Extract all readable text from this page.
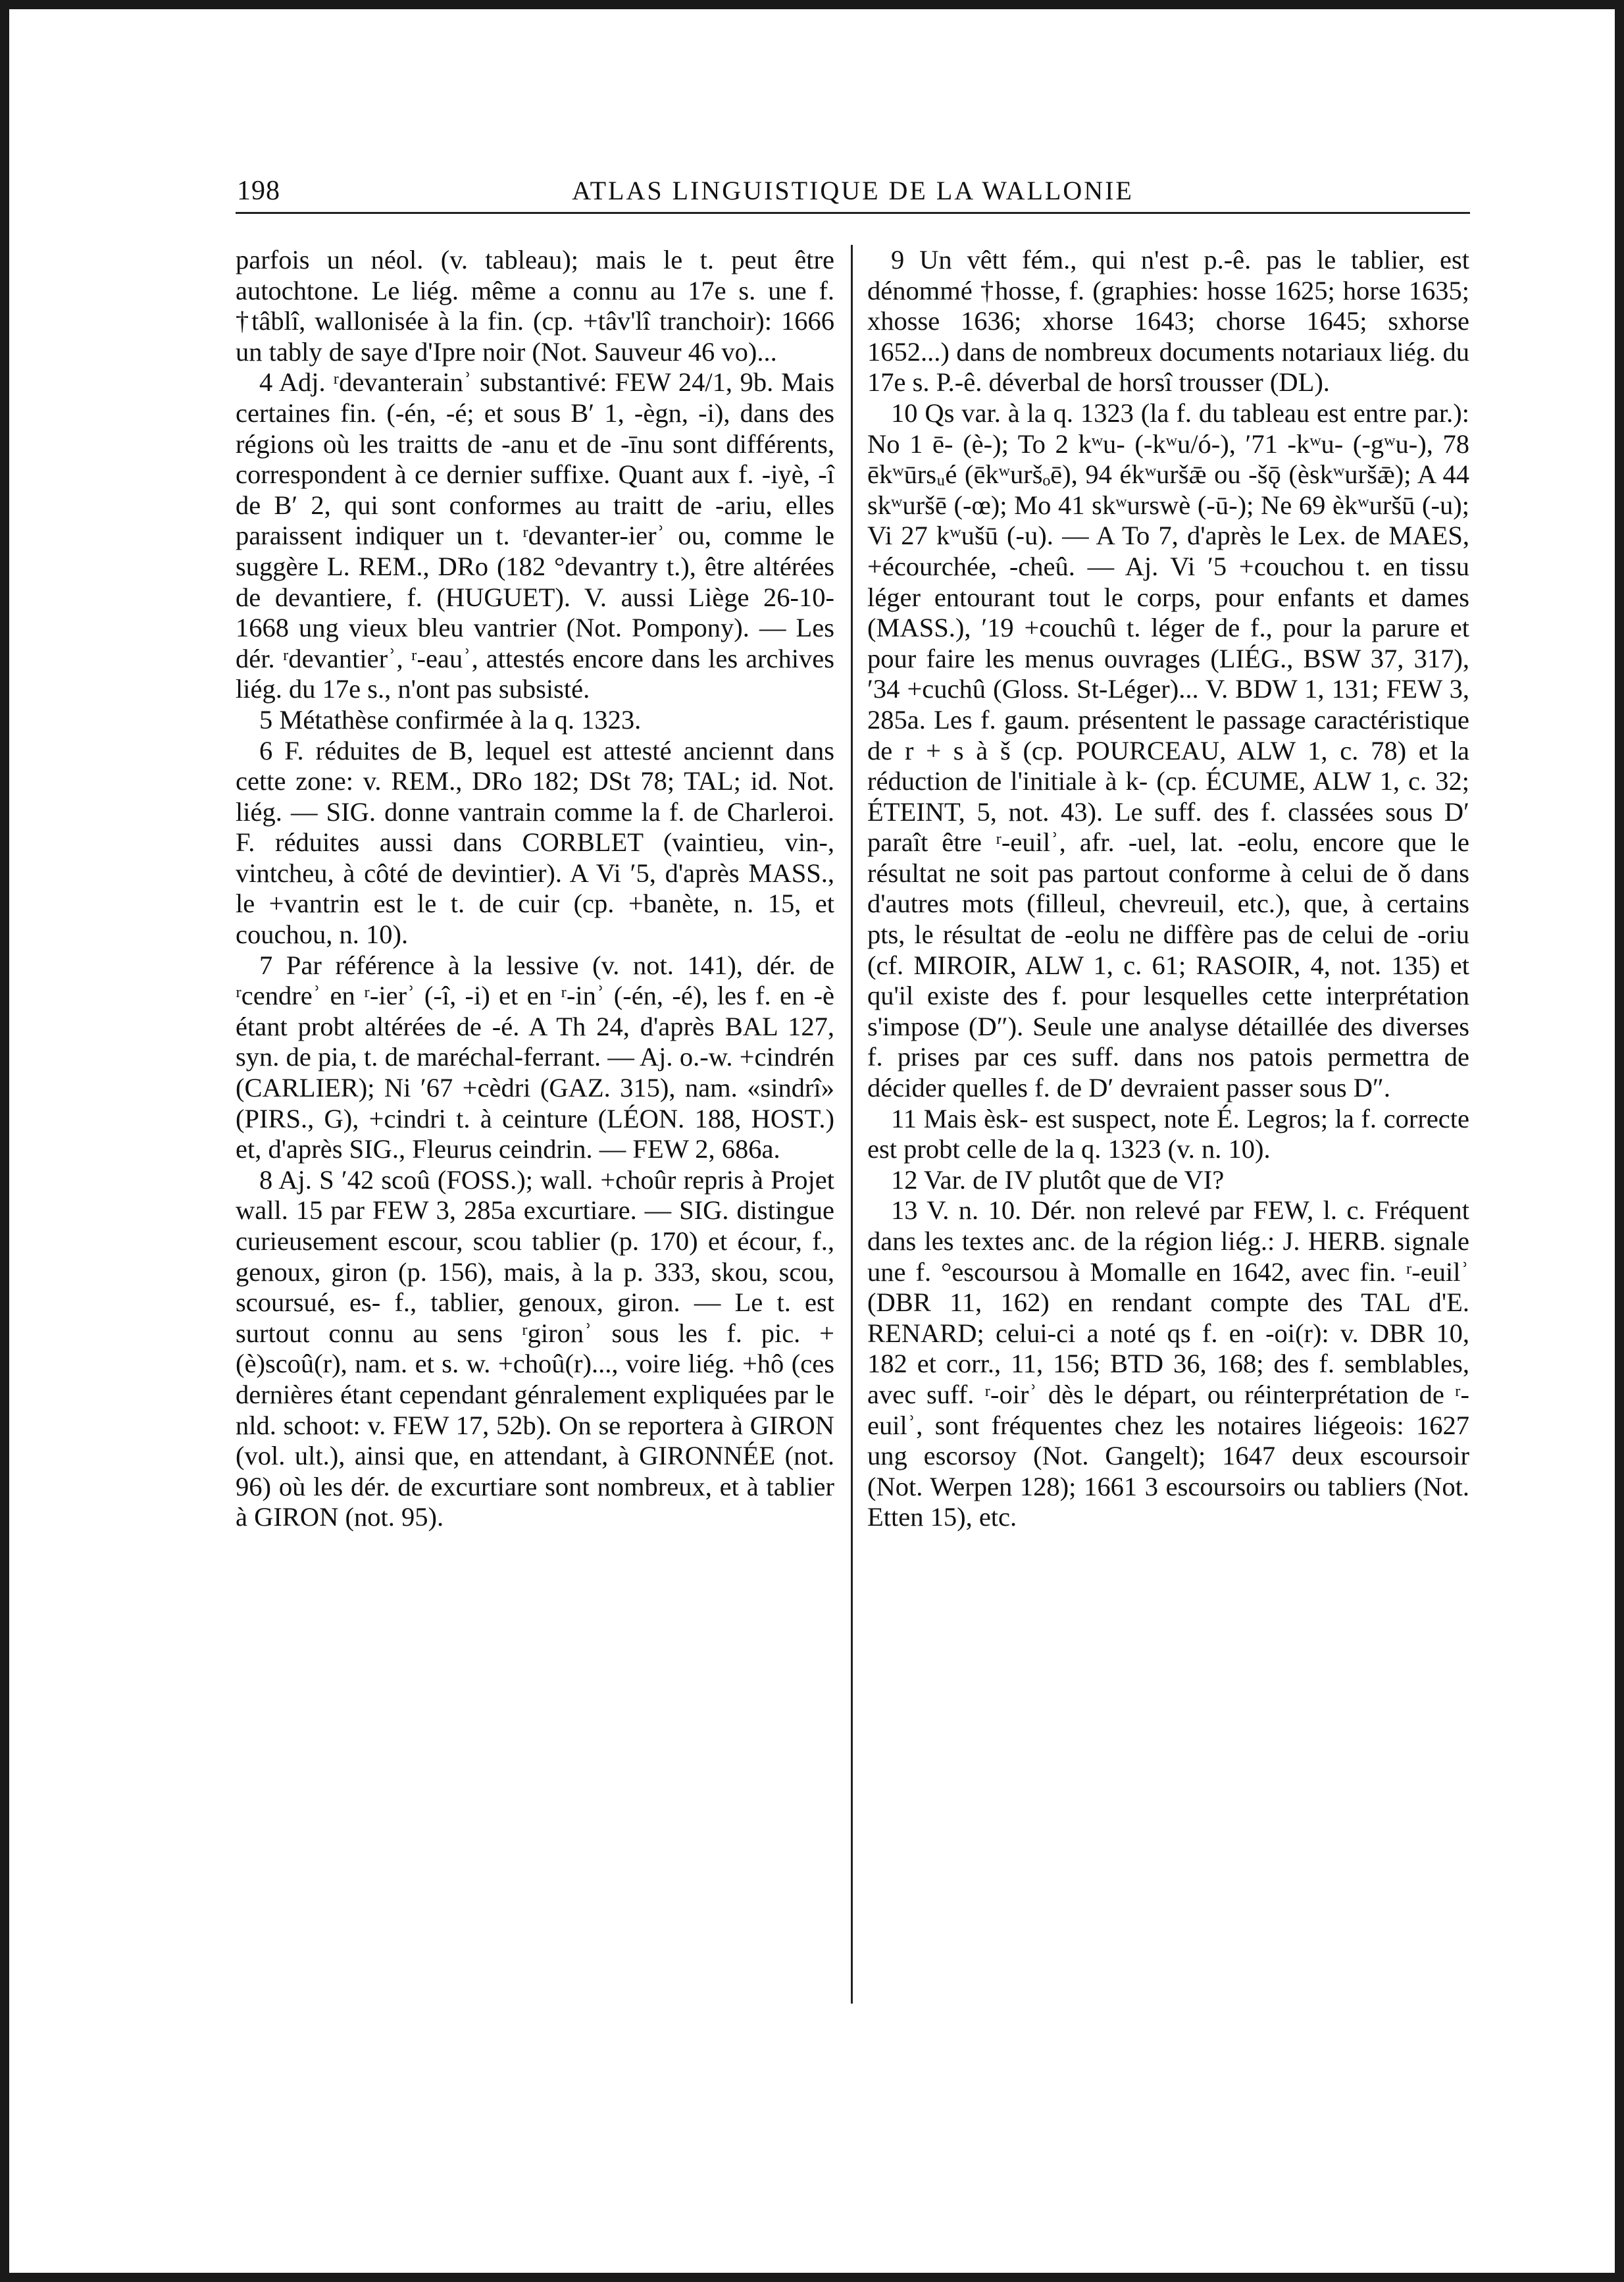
198	ATLAS LINGUISTIQUE DE LA WALLONIE

parfois un néol. (v. tableau); mais le t. peut être autochtone. Le liég. même a connu au 17e s. une f. †tâblî, wallonisée à la fin. (cp. +tâv'lî tranchoir): 1666 un tably de saye d'Ipre noir (Not. Sauveur 46 vo)...

4 Adj. ʳdevanterainʾ substantivé: FEW 24/1, 9b. Mais certaines fin. (-én, -é; et sous B′ 1, -ègn, -i), dans des régions où les traitts de -anu et de -īnu sont différents, correspondent à ce dernier suffixe. Quant aux f. -iyè, -î de B′ 2, qui sont conformes au traitt de -ariu, elles paraissent indiquer un t. ʳdevanter-ierʾ ou, comme le suggère L. REM., DRo (182 °devantry t.), être altérées de devantiere, f. (HUGUET). V. aussi Liège 26-10-1668 ung vieux bleu vantrier (Not. Pompony). — Les dér. ʳdevantierʾ, ʳ-eauʾ, attestés encore dans les archives liég. du 17e s., n'ont pas subsisté.

5 Métathèse confirmée à la q. 1323.

6 F. réduites de B, lequel est attesté anciennt dans cette zone: v. REM., DRo 182; DSt 78; TAL; id. Not. liég. — SIG. donne vantrain comme la f. de Charleroi. F. réduites aussi dans CORBLET (vaintieu, vin-, vintcheu, à côté de devintier). A Vi ′5, d'après MASS., le +vantrin est le t. de cuir (cp. +banète, n. 15, et couchou, n. 10).

7 Par référence à la lessive (v. not. 141), dér. de ʳcendreʾ en ʳ-ierʾ (-î, -i) et en ʳ-inʾ (-én, -é), les f. en -è étant probt altérées de -é. A Th 24, d'après BAL 127, syn. de pia, t. de maréchal-ferrant. — Aj. o.-w. +cindrén (CARLIER); Ni ′67 +cèdri (GAZ. 315), nam. «sindrî» (PIRS., G), +cindri t. à ceinture (LÉON. 188, HOST.) et, d'après SIG., Fleurus ceindrin. — FEW 2, 686a.

8 Aj. S ′42 scoû (FOSS.); wall. +choûr repris à Projet wall. 15 par FEW 3, 285a excurtiare. — SIG. distingue curieusement escour, scou tablier (p. 170) et écour, f., genoux, giron (p. 156), mais, à la p. 333, skou, scou, scoursué, es- f., tablier, genoux, giron. — Le t. est surtout connu au sens ʳgironʾ sous les f. pic. +(è)scoû(r), nam. et s. w. +choû(r)..., voire liég. +hô (ces dernières étant cependant génralement expliquées par le nld. schoot: v. FEW 17, 52b). On se reportera à GIRON (vol. ult.), ainsi que, en attendant, à GIRONNÉE (not. 96) où les dér. de excurtiare sont nombreux, et à tablier à GIRON (not. 95).

9 Un vêtt fém., qui n'est p.-ê. pas le tablier, est dénommé †hosse, f. (graphies: hosse 1625; horse 1635; xhosse 1636; xhorse 1643; chorse 1645; sxhorse 1652...) dans de nombreux documents notariaux liég. du 17e s. P.-ê. déverbal de horsî trousser (DL).

10 Qs var. à la q. 1323 (la f. du tableau est entre par.): No 1 ē- (è-); To 2 kʷu- (-kʷu/ó-), ′71 -kʷu- (-gʷu-), 78 ēkʷūrsᵤé (ēkʷuršₒē), 94 ékʷuršǣ ou -šǭ (èskʷuršǣ); A 44 skʷuršē (-œ); Mo 41 skʷurswè (-ū-); Ne 69 èkʷuršū (-u); Vi 27 kʷušū (-u). — A To 7, d'après le Lex. de MAES, +écourchée, -cheû. — Aj. Vi ′5 +couchou t. en tissu léger entourant tout le corps, pour enfants et dames (MASS.), ′19 +couchû t. léger de f., pour la parure et pour faire les menus ouvrages (LIÉG., BSW 37, 317), ′34 +cuchû (Gloss. St-Léger)... V. BDW 1, 131; FEW 3, 285a. Les f. gaum. présentent le passage caractéristique de r + s à š (cp. POURCEAU, ALW 1, c. 78) et la réduction de l'initiale à k- (cp. ÉCUME, ALW 1, c. 32; ÉTEINT, 5, not. 43). Le suff. des f. classées sous D′ paraît être ʳ-euilʾ, afr. -uel, lat. -eolu, encore que le résultat ne soit pas partout conforme à celui de ǒ dans d'autres mots (filleul, chevreuil, etc.), que, à certains pts, le résultat de -eolu ne diffère pas de celui de -oriu (cf. MIROIR, ALW 1, c. 61; RASOIR, 4, not. 135) et qu'il existe des f. pour lesquelles cette interprétation s'impose (D″). Seule une analyse détaillée des diverses f. prises par ces suff. dans nos patois permettra de décider quelles f. de D′ devraient passer sous D″.

11 Mais èsk- est suspect, note É. Legros; la f. correcte est probt celle de la q. 1323 (v. n. 10).

12 Var. de IV plutôt que de VI?

13 V. n. 10. Dér. non relevé par FEW, l. c. Fréquent dans les textes anc. de la région liég.: J. HERB. signale une f. °escoursou à Momalle en 1642, avec fin. ʳ-euilʾ (DBR 11, 162) en rendant compte des TAL d'E. RENARD; celui-ci a noté qs f. en -oi(r): v. DBR 10, 182 et corr., 11, 156; BTD 36, 168; des f. semblables, avec suff. ʳ-oirʾ dès le départ, ou réinterprétation de ʳ-euilʾ, sont fréquentes chez les notaires liégeois: 1627 ung escorsoy (Not. Gangelt); 1647 deux escoursoir (Not. Werpen 128); 1661 3 escoursoirs ou tabliers (Not. Etten 15), etc.
